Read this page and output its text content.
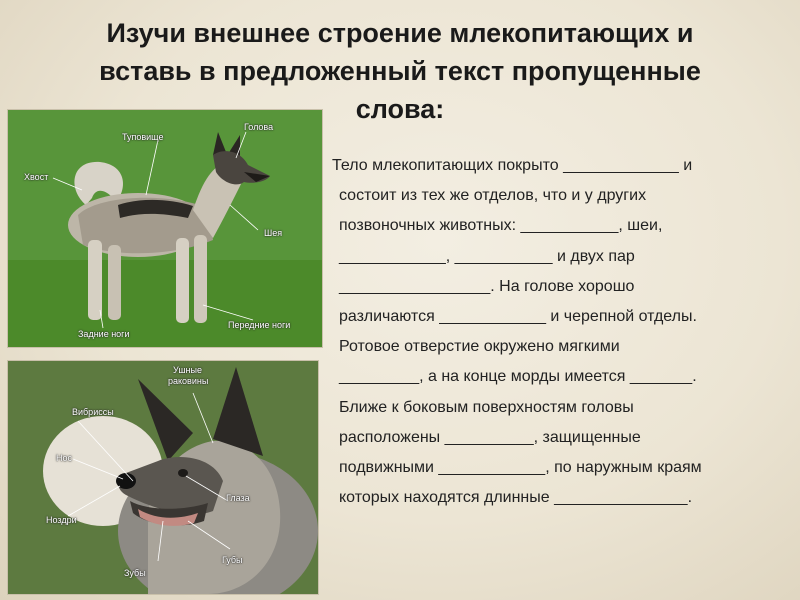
Изучи внешнее строение млекопитающих и
вставь в предложенный текст пропущенные
слова:
Голова
Туповище
Хвост
Шея
Задние ноги
Передние ноги
Ушные
раковины
Вибриссы
Нос
Ноздри
Глаза
Губы
Зубы
Тело млекопитающих покрыто _____________ и
состоит из тех же отделов, что и у других
позвоночных животных: ___________, шеи,
____________, ___________ и двух пар
_________________. На голове хорошо
различаются ____________ и черепной отделы.
Ротовое отверстие окружено мягкими
_________, а на конце морды имеется _______.
Ближе к боковым поверхностям головы
расположены __________, защищенные
подвижными ____________, по наружным краям
которых находятся длинные _______________.
